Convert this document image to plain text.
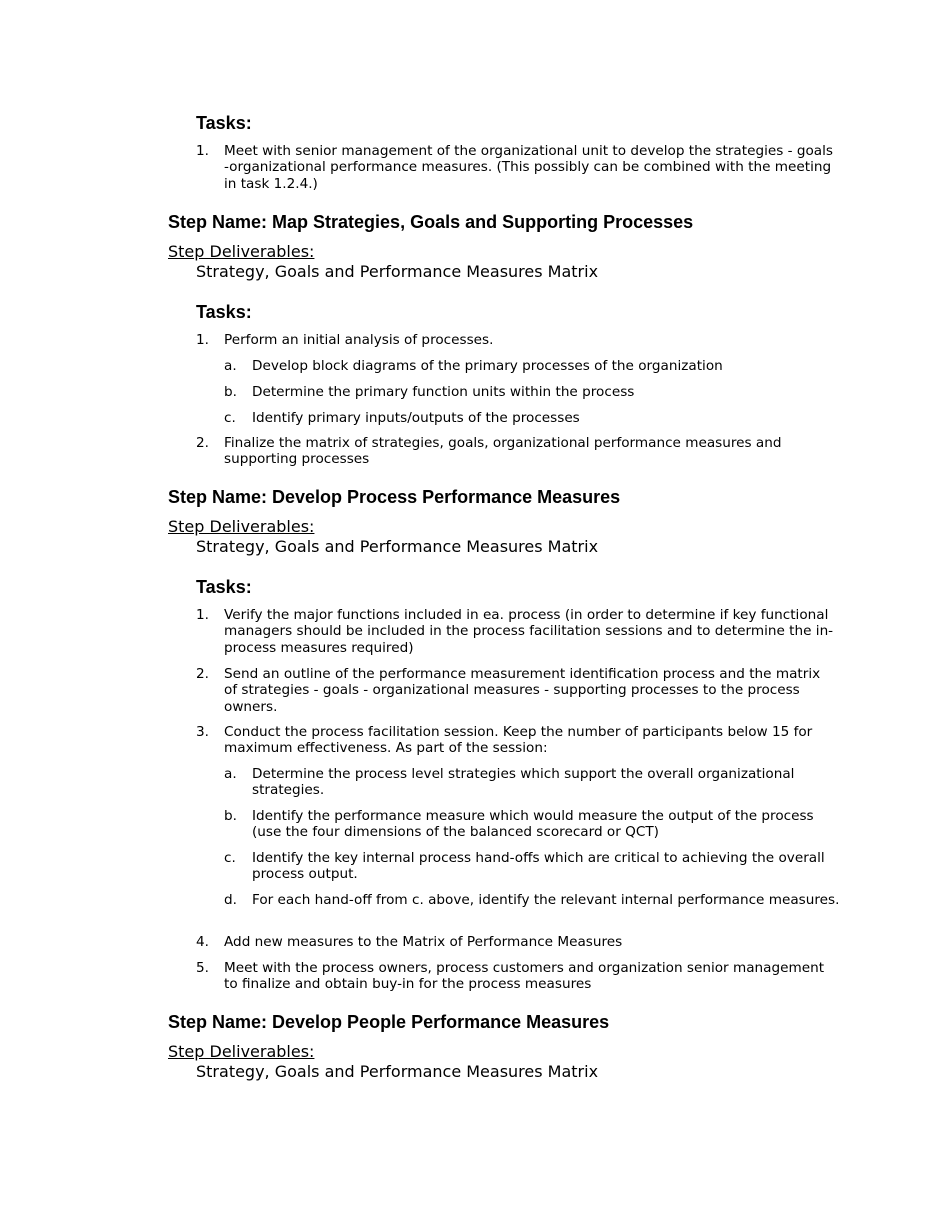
Tasks:
1. Meet with senior management of the organizational unit to develop the strategies - goals -organizational performance measures. (This possibly can be combined with the meeting in task 1.2.4.)
Step Name: Map Strategies, Goals and Supporting Processes
Step Deliverables:
Strategy, Goals and Performance Measures Matrix
Tasks:
1. Perform an initial analysis of processes.
a. Develop block diagrams of the primary processes of the organization
b. Determine the primary function units within the process
c. Identify primary inputs/outputs of the processes
2. Finalize the matrix of strategies, goals, organizational performance measures and supporting processes
Step Name: Develop Process Performance Measures
Step Deliverables:
Strategy, Goals and Performance Measures Matrix
Tasks:
1. Verify the major functions included in ea. process (in order to determine if key functional managers should be included in the process facilitation sessions and to determine the in-process measures required)
2. Send an outline of the performance measurement identification process and the matrix of strategies - goals - organizational measures - supporting processes to the process owners.
3. Conduct the process facilitation session. Keep the number of participants below 15 for maximum effectiveness. As part of the session:
a. Determine the process level strategies which support the overall organizational strategies.
b. Identify the performance measure which would measure the output of the process (use the four dimensions of the balanced scorecard or QCT)
c. Identify the key internal process hand-offs which are critical to achieving the overall process output.
d. For each hand-off from c. above, identify the relevant internal performance measures.
4. Add new measures to the Matrix of Performance Measures
5. Meet with the process owners, process customers and organization senior management to finalize and obtain buy-in for the process measures
Step Name: Develop People Performance Measures
Step Deliverables:
Strategy, Goals and Performance Measures Matrix
